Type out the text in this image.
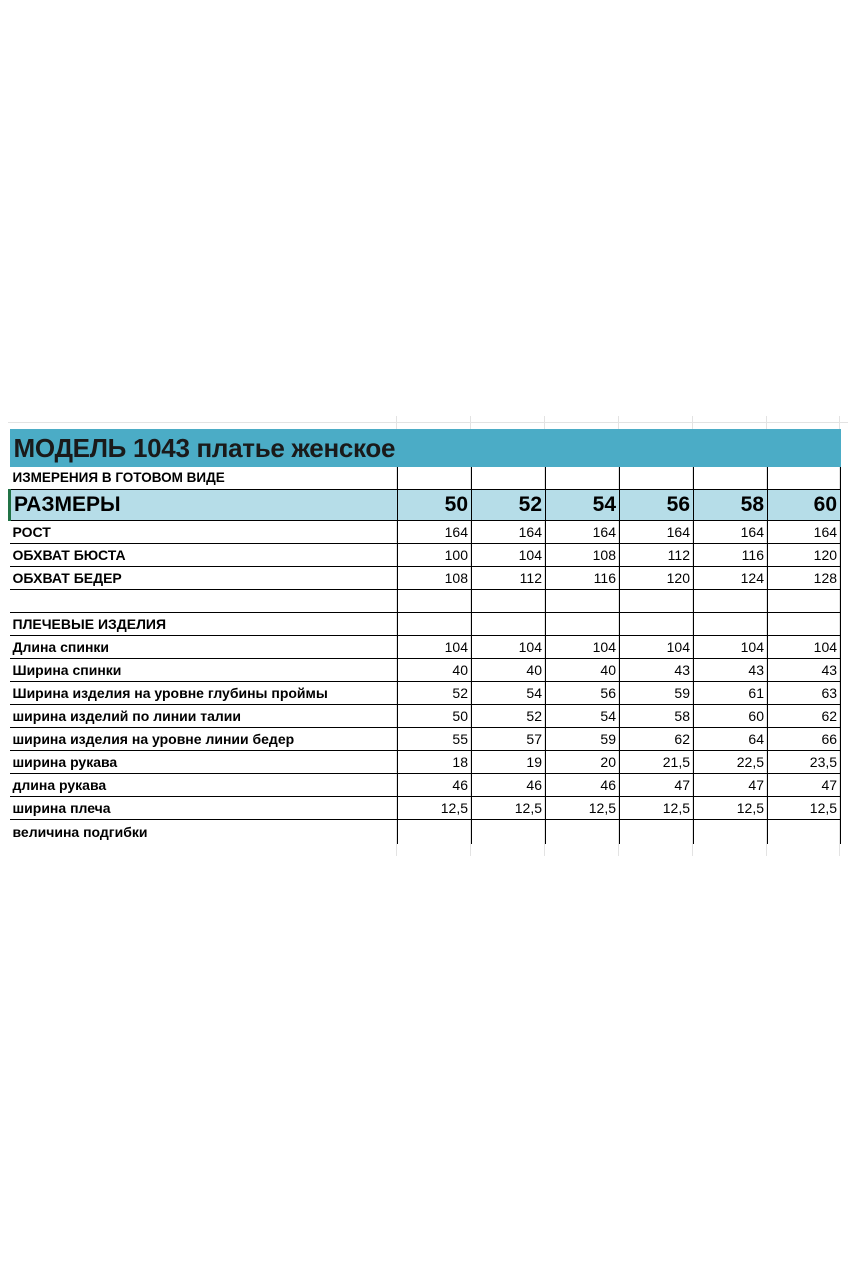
МОДЕЛЬ 1043 платье женское						
ИЗМЕРЕНИЯ В ГОТОВОМ ВИДЕ						
РАЗМЕРЫ	50	52	54	56	58	60
РОСТ	164	164	164	164	164	164
ОБХВАТ БЮСТА	100	104	108	112	116	120
ОБХВАТ БЕДЕР	108	112	116	120	124	128

ПЛЕЧЕВЫЕ ИЗДЕЛИЯ						
Длина спинки	104	104	104	104	104	104
Ширина спинки	40	40	40	43	43	43
Ширина изделия на уровне глубины проймы	52	54	56	59	61	63
ширина изделий по линии талии	50	52	54	58	60	62
ширина изделия на уровне линии бедер	55	57	59	62	64	66
ширина рукава	18	19	20	21,5	22,5	23,5
длина рукава	46	46	46	47	47	47
ширина плеча	12,5	12,5	12,5	12,5	12,5	12,5
величина подгибки						
